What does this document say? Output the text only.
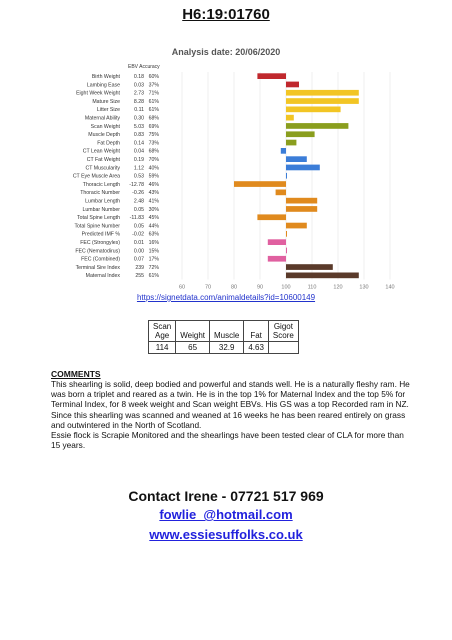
H6:19:01760
Analysis date: 20/06/2020
EBV Accuracy
Birth Weight	0.18 60%
Lambing Ease	0.03 37%
Eight Week Weight	2.73 71%
Mature Size	8.28 61%
Litter Size	0.11 61%
Maternal Ability	0.30 68%
Scan Weight	5.03 69%
Muscle Depth	0.83 75%
Fat Depth	0.14 73%
CT Lean Weight	0.04 68%
CT Fat Weight	0.19 70%
CT Muscularity	1.12 40%
CT Eye Muscle Area	0.53 59%
Thoracic Length -12.78 46%
Thoracic Number -0.26 43%
Lumbar Length	2.48 41%
Lumbar Number	0.05 30%
Total Spine Length -11.83 45%
Total Spine Number	0.05 44%
Predicted IMF % -0.02 63%
FEC (Strongyles)	0.01 16%
FEC (Nematodirus)	0.00 15%
FEC (Combined)	0.07 17%
Terminal Sire Index	239 72%
Maternal Index	255 61%
60	70	80	90	100	110	120	130	140
https://signetdata.com/animaldetails?id=10600149
Scan
Age	Weight	Muscle	Fat	Gigot
Score
114	65	32.9	4.63	
COMMENTS

This shearling is solid, deep bodied and powerful and stands well. He is a naturally fleshy ram. He was born a triplet and reared as a twin. He is in the top 1% for Maternal Index and the top 5% for Terminal Index, for 8 week weight and Scan weight EBVs. His GS was a top Recorded ram in NZ. Since this shearling was scanned and weaned at 16 weeks he has been reared entirely on grass and outwintered in the North of Scotland.

Essie flock is Scrapie Monitored and the shearlings have been tested clear of CLA for more than 15 years.

Contact Irene - 07721 517 969
fowlie_@hotmail.com
www.essiesuffolks.co.uk
